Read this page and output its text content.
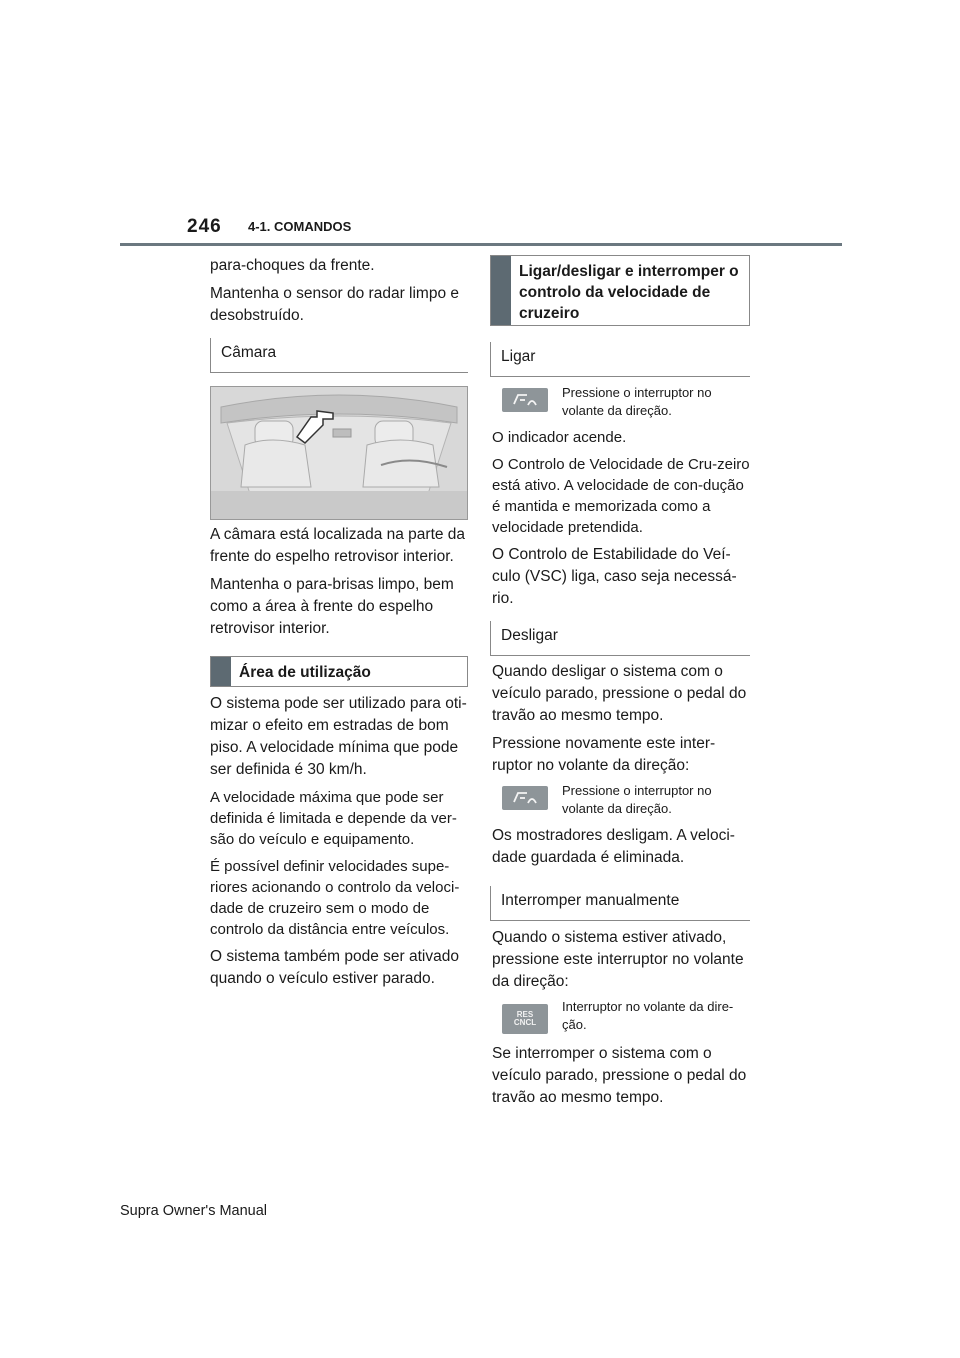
246 4-1. COMANDOS

para-choques da frente.

Mantenha o sensor do radar limpo e desobstruído.

Câmara

A câmara está localizada na parte da frente do espelho retrovisor interior.

Mantenha o para-brisas limpo, bem como a área à frente do espelho retrovisor interior.

Área de utilização

O sistema pode ser utilizado para oti-mizar o efeito em estradas de bom piso. A velocidade mínima que pode ser definida é 30 km/h.

A velocidade máxima que pode ser definida é limitada e depende da ver-são do veículo e equipamento.

É possível definir velocidades supe-riores acionando o controlo da veloci-dade de cruzeiro sem o modo de controlo da distância entre veículos.

O sistema também pode ser ativado quando o veículo estiver parado.

Ligar/desligar e interromper o controlo da velocidade de cruzeiro
Ligar
Pressione o interruptor no volante da direção.

O indicador acende.

O Controlo de Velocidade de Cru-zeiro está ativo. A velocidade de con-dução é mantida e memorizada como a velocidade pretendida.

O Controlo de Estabilidade do Veí-culo (VSC) liga, caso seja necessá-rio.

Desligar

Quando desligar o sistema com o veículo parado, pressione o pedal do travão ao mesmo tempo.

Pressione novamente este inter-ruptor no volante da direção:

Pressione o interruptor no volante da direção.

Os mostradores desligam. A veloci-dade guardada é eliminada.

Interromper manualmente

Quando o sistema estiver ativado, pressione este interruptor no volante da direção:

RES
CNCL
Interruptor no volante da dire-ção.

Se interromper o sistema com o veículo parado, pressione o pedal do travão ao mesmo tempo.

Supra Owner's Manual
